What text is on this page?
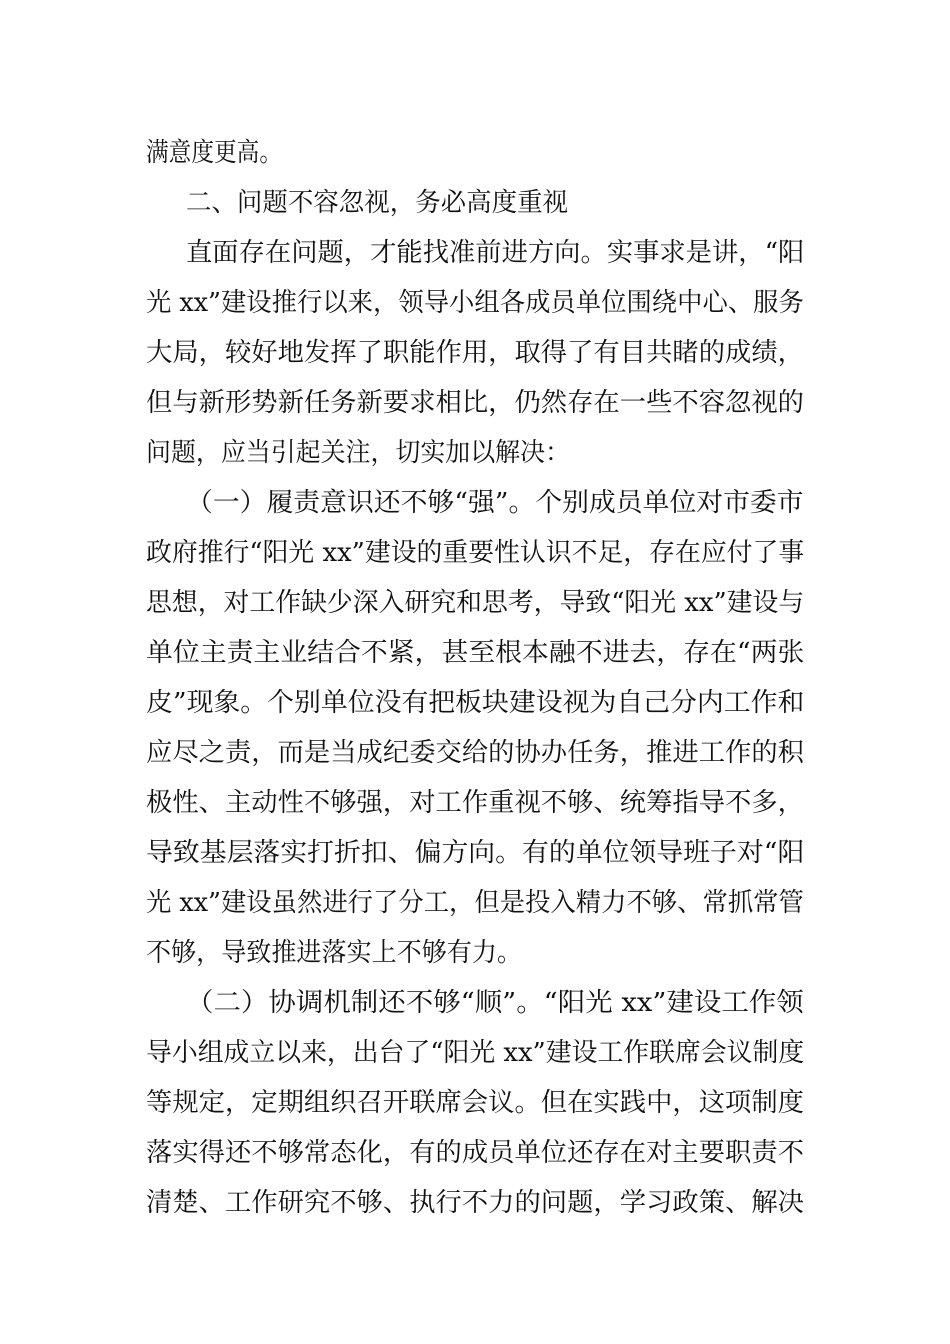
满意度更高。

二、问题不容忽视，务必高度重视

直面存在问题，才能找准前进方向。实事求是讲，“阳

光 xx”建设推行以来，领导小组各成员单位围绕中心、服务

大局，较好地发挥了职能作用，取得了有目共睹的成绩，

但与新形势新任务新要求相比，仍然存在一些不容忽视的

问题，应当引起关注，切实加以解决：

（一）履责意识还不够“强”。个别成员单位对市委市

政府推行“阳光 xx”建设的重要性认识不足，存在应付了事

思想，对工作缺少深入研究和思考，导致“阳光 xx”建设与

单位主责主业结合不紧，甚至根本融不进去，存在“两张

皮”现象。个别单位没有把板块建设视为自己分内工作和

应尽之责，而是当成纪委交给的协办任务，推进工作的积

极性、主动性不够强，对工作重视不够、统筹指导不多，

导致基层落实打折扣、偏方向。有的单位领导班子对“阳

光 xx”建设虽然进行了分工，但是投入精力不够、常抓常管

不够，导致推进落实上不够有力。

（二）协调机制还不够“顺”。“阳光 xx”建设工作领

导小组成立以来，出台了“阳光 xx”建设工作联席会议制度

等规定，定期组织召开联席会议。但在实践中，这项制度

落实得还不够常态化，有的成员单位还存在对主要职责不

清楚、工作研究不够、执行不力的问题，学习政策、解决
